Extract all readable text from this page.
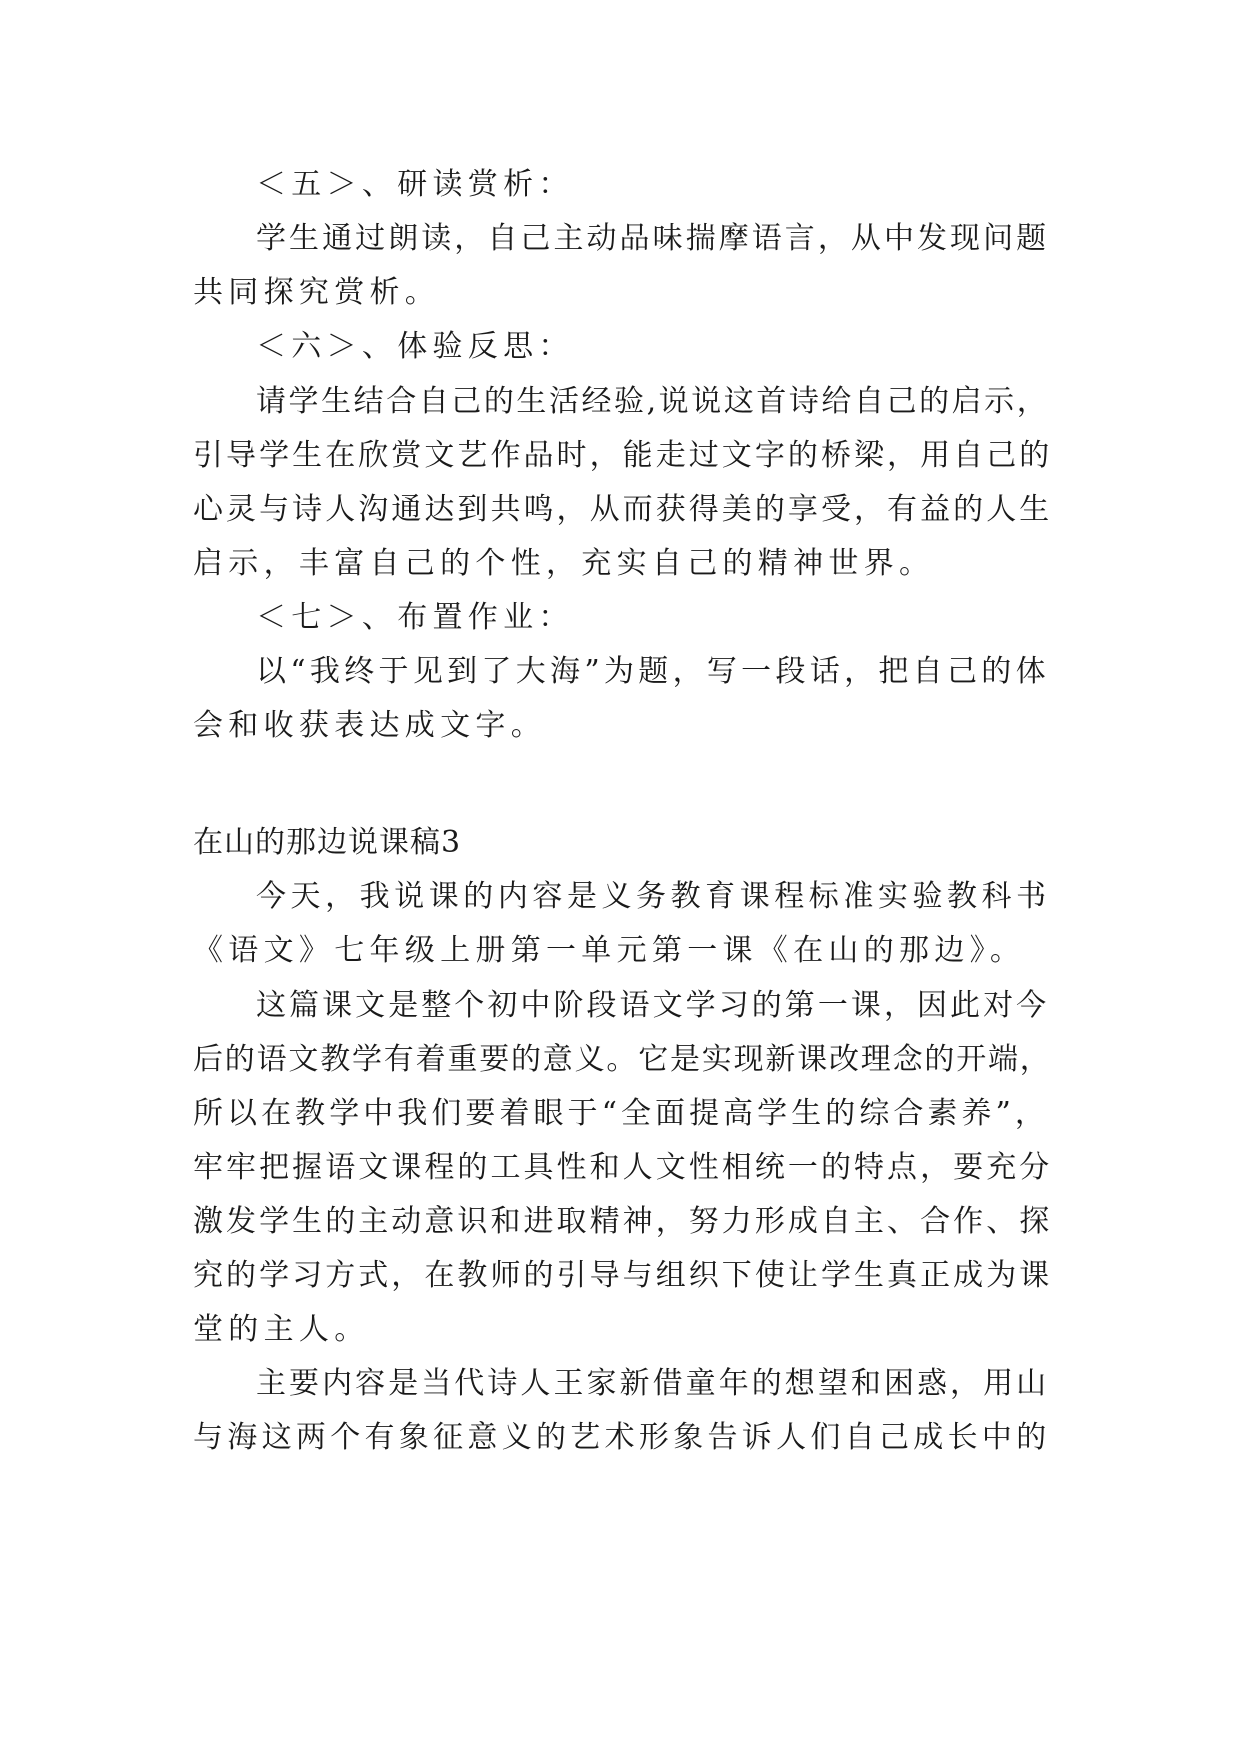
＜五＞、研读赏析：
学生通过朗读，自己主动品味揣摩语言，从中发现问题
共同探究赏析。
＜六＞、体验反思：
请学生结合自己的生活经验,说说这首诗给自己的启示，
引导学生在欣赏文艺作品时，能走过文字的桥梁，用自己的
心灵与诗人沟通达到共鸣，从而获得美的享受，有益的人生
启示，丰富自己的个性，充实自己的精神世界。
＜七＞、布置作业：
以“我终于见到了大海”为题，写一段话，把自己的体
会和收获表达成文字。
在山的那边说课稿3
今天，我说课的内容是义务教育课程标准实验教科书
《语文》七年级上册第一单元第一课《在山的那边》。
这篇课文是整个初中阶段语文学习的第一课，因此对今
后的语文教学有着重要的意义。它是实现新课改理念的开端，
所以在教学中我们要着眼于“全面提高学生的综合素养”，
牢牢把握语文课程的工具性和人文性相统一的特点，要充分
激发学生的主动意识和进取精神，努力形成自主、合作、探
究的学习方式，在教师的引导与组织下使让学生真正成为课
堂的主人。
主要内容是当代诗人王家新借童年的想望和困惑，用山
与海这两个有象征意义的艺术形象告诉人们自己成长中的
